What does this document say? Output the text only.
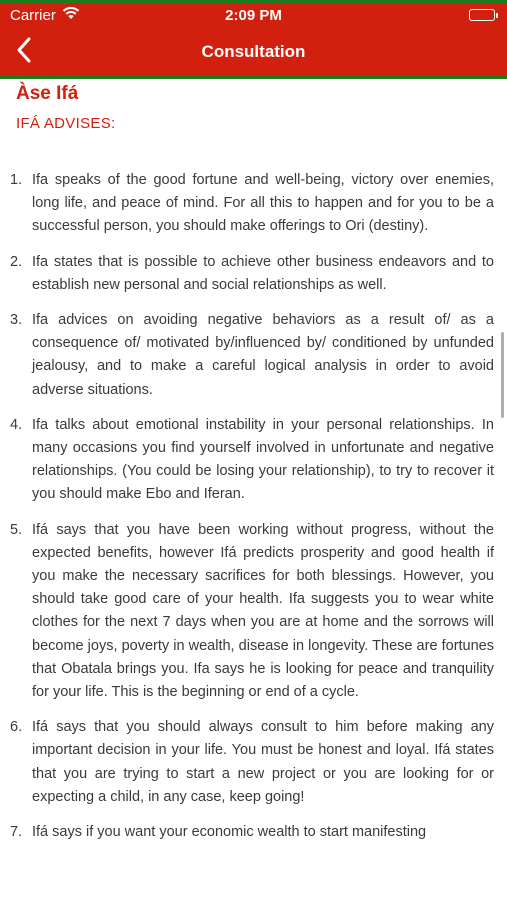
Carrier	2:09 PM
Consultation
Àse Ifá
IFÁ ADVISES:
1. Ifa speaks of the good fortune and well-being, victory over enemies, long life, and peace of mind. For all this to happen and for you to be a successful person, you should make offerings to Ori (destiny).
2. Ifa states that is possible to achieve other business endeavors and to establish new personal and social relationships as well.
3. Ifa advices on avoiding negative behaviors as a result of/ as a consequence of/ motivated by/influenced by/ conditioned by unfunded jealousy, and to make a careful logical analysis in order to avoid adverse situations.
4. Ifa talks about emotional instability in your personal relationships. In many occasions you find yourself involved in unfortunate and negative relationships. (You could be losing your relationship), to try to recover it you should make Ebo and Iferan.
5. Ifá says that you have been working without progress, without the expected benefits, however Ifá predicts prosperity and good health if you make the necessary sacrifices for both blessings. However, you should take good care of your health. Ifa suggests you to wear white clothes for the next 7 days when you are at home and the sorrows will become joys, poverty in wealth, disease in longevity. These are fortunes that Obatala brings you. Ifa says he is looking for peace and tranquility for your life. This is the beginning or end of a cycle.
6. Ifá says that you should always consult to him before making any important decision in your life. You must be honest and loyal. Ifá states that you are trying to start a new project or you are looking for or expecting a child, in any case, keep going!
7. Ifá says if you want your economic wealth to start manifesting
